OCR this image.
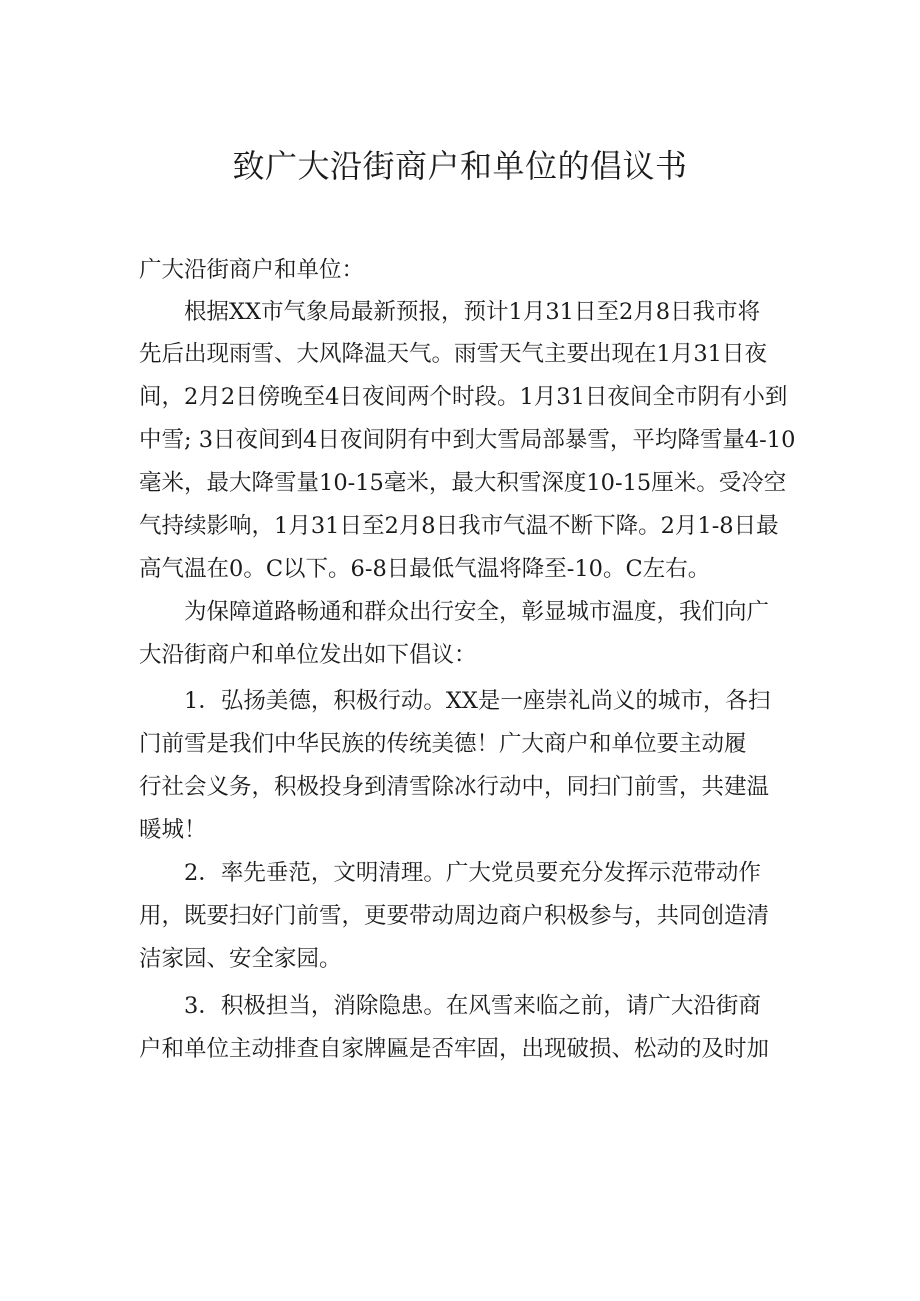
致广大沿街商户和单位的倡议书

广大沿街商户和单位：

根据XX市气象局最新预报，预计1月31日至2月8日我市将

先后出现雨雪、大风降温天气。雨雪天气主要出现在1月31日夜

间，2月2日傍晚至4日夜间两个时段。1月31日夜间全市阴有小到

中雪; 3日夜间到4日夜间阴有中到大雪局部暴雪，平均降雪量4-10

毫米，最大降雪量10-15毫米，最大积雪深度10-15厘米。受冷空

气持续影响，1月31日至2月8日我市气温不断下降。2月1-8日最

高气温在0。C以下。6-8日最低气温将降至-10。C左右。

为保障道路畅通和群众出行安全，彰显城市温度，我们向广

大沿街商户和单位发出如下倡议：

1．弘扬美德，积极行动。XX是一座崇礼尚义的城市，各扫

门前雪是我们中华民族的传统美德！广大商户和单位要主动履

行社会义务，积极投身到清雪除冰行动中，同扫门前雪，共建温

暖城！

2．率先垂范，文明清理。广大党员要充分发挥示范带动作

用，既要扫好门前雪，更要带动周边商户积极参与，共同创造清

洁家园、安全家园。

3．积极担当，消除隐患。在风雪来临之前，请广大沿街商

户和单位主动排查自家牌匾是否牢固，出现破损、松动的及时加
